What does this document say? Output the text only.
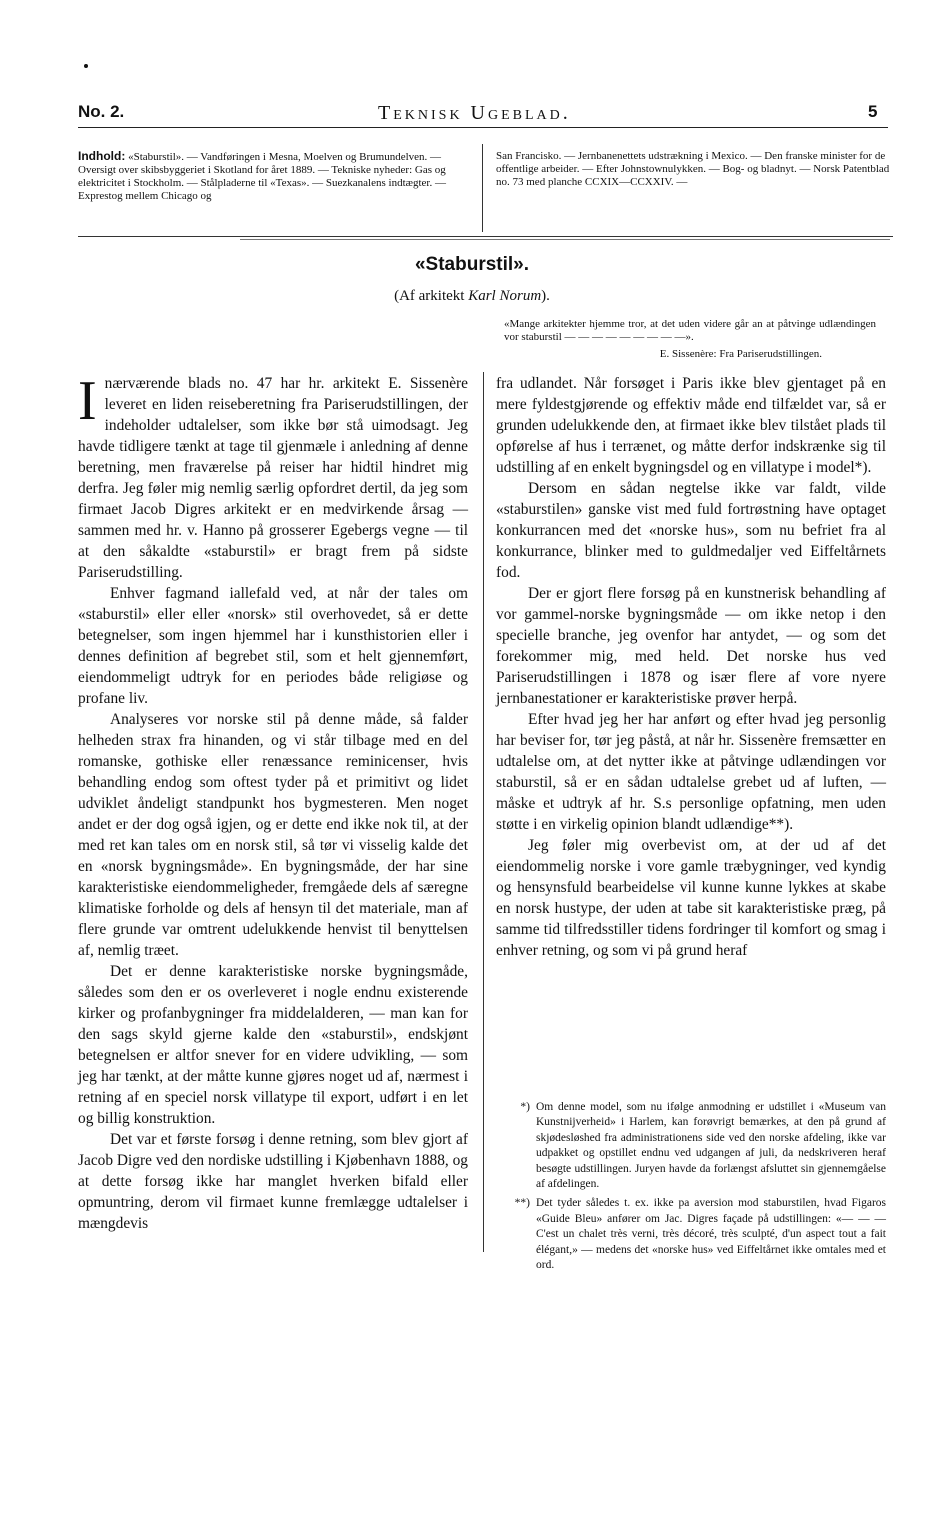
No. 2.	Teknisk Ugeblad.	5
Indhold: «Staburstil». — Vandføringen i Mesna, Moelven og Brumundelven. — Oversigt over skibsbyggeriet i Skotland for året 1889. — Tekniske nyheder: Gas og elektricitet i Stockholm. — Stålpladerne til «Texas». — Suezkanalens indtægter. — Exprestog mellem Chicago og
San Francisko. — Jernbanenettets udstrækning i Mexico. — Den franske minister for de offentlige arbeider. — Efter Johnstownulykken. — Bog- og bladnyt. — Norsk Patentblad no. 73 med planche CCXIX—CCXXIV. —
«Staburstil».
(Af arkitekt Karl Norum).
«Mange arkitekter hjemme tror, at det uden videre går an at påtvinge udlændingen vor staburstil — — — — — — — — —».
E. Sissenère: Fra Pariserudstillingen.

Inærværende blads no. 47 har hr. arkitekt E. Sissenère leveret en liden reiseberetning fra Pariserudstillingen, der indeholder udtalelser, som ikke bør stå uimodsagt. Jeg havde tidligere tænkt at tage til gjenmæle i anledning af denne beretning, men fraværelse på reiser har hidtil hindret mig derfra. Jeg føler mig nemlig særlig opfordret dertil, da jeg som firmaet Jacob Digres arkitekt er en medvirkende årsag — sammen med hr. v. Hanno på grosserer Egebergs vegne — til at den såkaldte «staburstil» er bragt frem på sidste Pariserudstilling.

Enhver fagmand iallefald ved, at når der tales om «staburstil» eller eller «norsk» stil overhovedet, så er dette betegnelser, som ingen hjemmel har i kunsthistorien eller i dennes definition af begrebet stil, som et helt gjennemført, eiendommeligt udtryk for en periodes både religiøse og profane liv.

Analyseres vor norske stil på denne måde, så falder helheden strax fra hinanden, og vi står tilbage med en del romanske, gothiske eller renæssance reminicenser, hvis behandling endog som oftest tyder på et primitivt og lidet udviklet åndeligt standpunkt hos bygmesteren. Men noget andet er der dog også igjen, og er dette end ikke nok til, at der med ret kan tales om en norsk stil, så tør vi visselig kalde det en «norsk bygningsmåde». En bygningsmåde, der har sine karakteristiske eiendommeligheder, fremgåede dels af særegne klimatiske forholde og dels af hensyn til det materiale, man af flere grunde var omtrent udelukkende henvist til benyttelsen af, nemlig træet.

Det er denne karakteristiske norske bygningsmåde, således som den er os overleveret i nogle endnu existerende kirker og profanbygninger fra middelalderen, — man kan for den sags skyld gjerne kalde den «staburstil», endskjønt betegnelsen er altfor snever for en videre udvikling, — som jeg har tænkt, at der måtte kunne gjøres noget ud af, nærmest i retning af en speciel norsk villatype til export, udført i en let og billig konstruktion.

Det var et første forsøg i denne retning, som blev gjort af Jacob Digre ved den nordiske udstilling i Kjøbenhavn 1888, og at dette forsøg ikke har manglet hverken bifald eller opmuntring, derom vil firmaet kunne fremlægge udtalelser i mængdevis

fra udlandet. Når forsøget i Paris ikke blev gjentaget på en mere fyldestgjørende og effektiv måde end tilfældet var, så er grunden udelukkende den, at firmaet ikke blev tilstået plads til opførelse af hus i terrænet, og måtte derfor indskrænke sig til udstilling af en enkelt bygningsdel og en villatype i model*).

Dersom en sådan negtelse ikke var faldt, vilde «staburstilen» ganske vist med fuld fortrøstning have optaget konkurrancen med det «norske hus», som nu befriet fra al konkurrance, blinker med to guldmedaljer ved Eiffeltårnets fod.

Der er gjort flere forsøg på en kunstnerisk behandling af vor gammel-norske bygningsmåde — om ikke netop i den specielle branche, jeg ovenfor har antydet, — og som det forekommer mig, med held. Det norske hus ved Pariserudstillingen i 1878 og især flere af vore nyere jernbanestationer er karakteristiske prøver herpå.

Efter hvad jeg her har anført og efter hvad jeg personlig har beviser for, tør jeg påstå, at når hr. Sissenère fremsætter en udtalelse om, at det nytter ikke at påtvinge udlændingen vor staburstil, så er en sådan udtalelse grebet ud af luften, — måske et udtryk af hr. S.s personlige opfatning, men uden støtte i en virkelig opinion blandt udlændige**).

Jeg føler mig overbevist om, at der ud af det eiendommelig norske i vore gamle træbygninger, ved kyndig og hensynsfuld bearbeidelse vil kunne kunne lykkes at skabe en norsk hustype, der uden at tabe sit karakteristiske præg, på samme tid tilfredsstiller tidens fordringer til komfort og smag i enhver retning, og som vi på grund heraf

*) Om denne model, som nu ifølge anmodning er udstillet i «Museum van Kunstnijverheid» i Harlem, kan forøvrigt bemærkes, at den på grund af skjødesløshed fra administrationens side ved den norske afdeling, ikke var udpakket og opstillet endnu ved udgangen af juli, da nedskriveren heraf besøgte udstillingen. Juryen havde da forlængst afsluttet sin gjennemgåelse af afdelingen.
**) Det tyder således t. ex. ikke pa aversion mod staburstilen, hvad Figaros «Guide Bleu» anfører om Jac. Digres façade på udstillingen: «— — — C'est un chalet très verni, très décoré, très sculpté, d'un aspect tout a fait élégant,» — medens det «norske hus» ved Eiffeltårnet ikke omtales med et ord.
